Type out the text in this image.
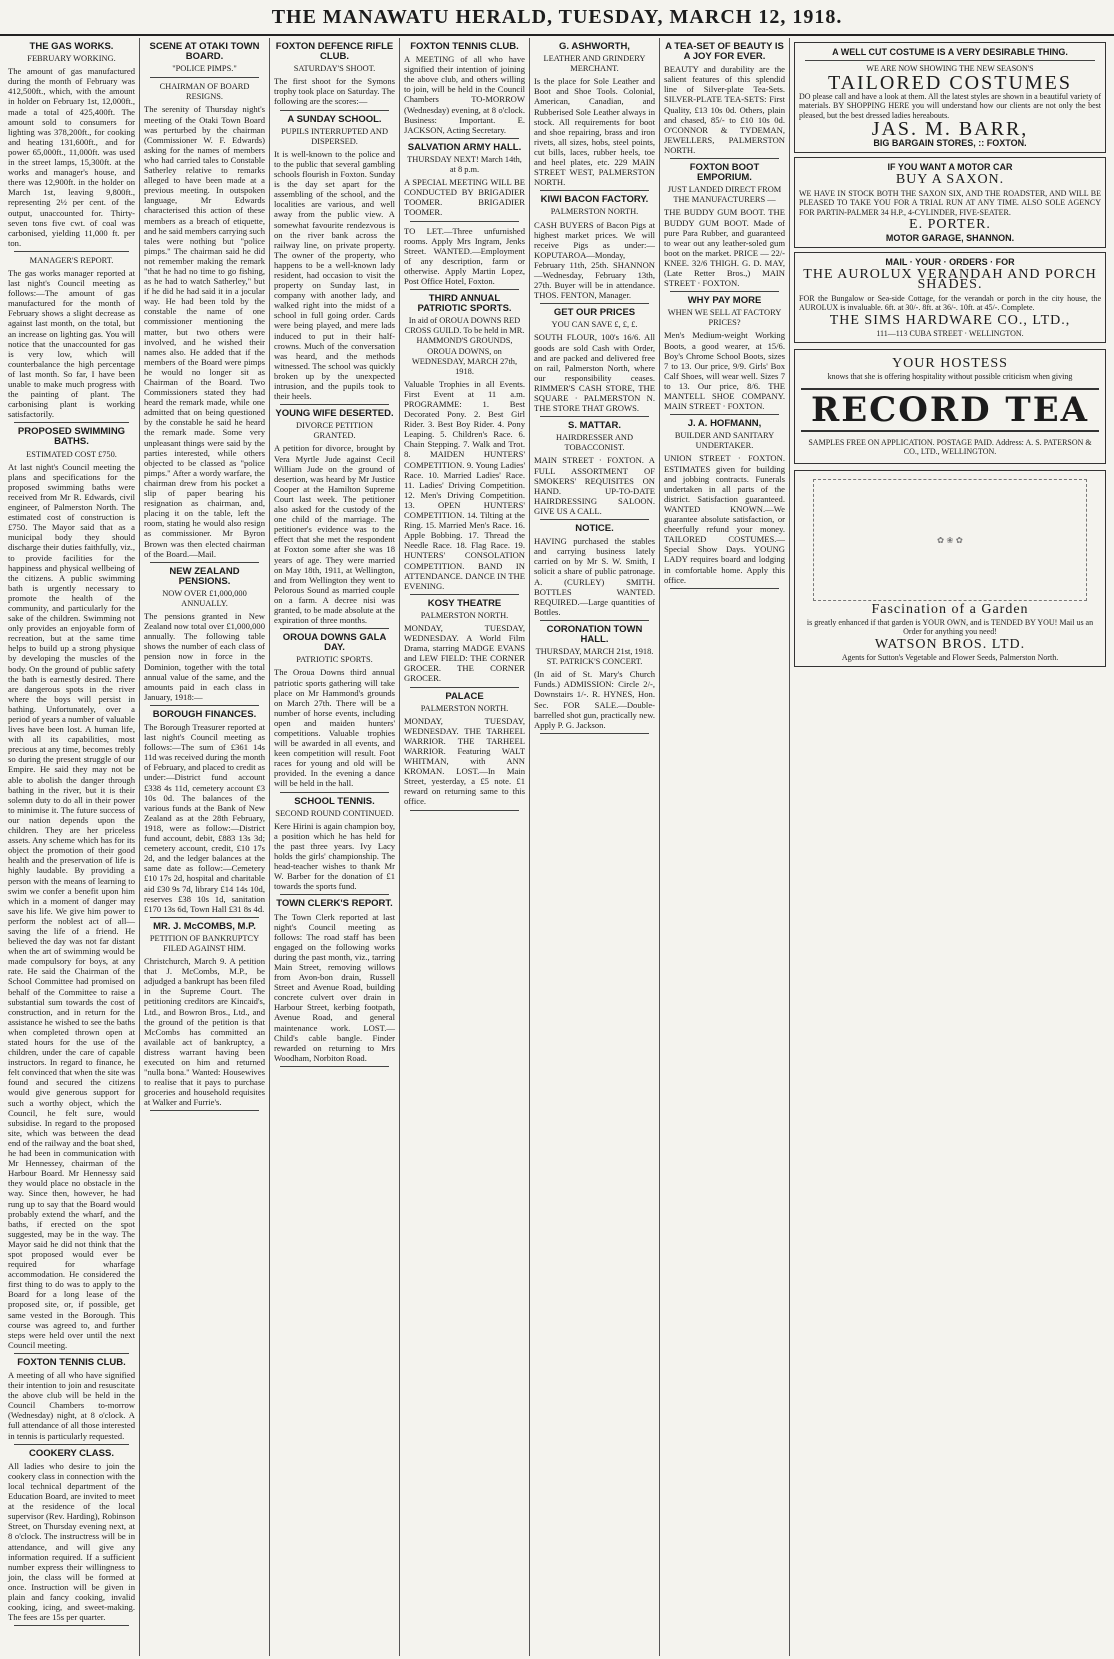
THE MANAWATU HERALD, TUESDAY, MARCH 12, 1918.
THE GAS WORKS.
FEBRUARY WORKING.
The amount of gas manufactured during the month of February was 412,500ft., which, with the amount in holder on February 1st, 12,000ft., made a total of 425,400ft. The amount sold to consumers for lighting was 378,200ft., for cooking and heating 131,600ft., and for power 65,000ft., 11,000ft. was used in the street lamps, 15,300ft. at the works and manager's house, and there was 12,900ft. in the holder on March 1st, leaving 9,800ft., representing 2½ per cent. of the output, unaccounted for. Thirty-seven tons five cwt. of coal was carbonised, yielding 11,000 ft. per ton.
MANAGER'S REPORT.
The gas works manager reported at last night's Council meeting as follows:—The amount of gas manufactured for the month of February shows a slight decrease as against last month, on the total, but an increase on lighting gas. You will notice that the unaccounted for gas is very low, which will counterbalance the high percentage of last month. So far, I have been unable to make much progress with the painting of plant. The carbonising plant is working satisfactorily.
PROPOSED SWIMMING BATHS.
ESTIMATED COST £750.
At last night's Council meeting the plans and specifications for the proposed swimming baths were received from Mr R. Edwards, civil engineer, of Palmerston North. The estimated cost of construction is £750. The Mayor said that as a municipal body they should discharge their duties faithfully, viz., to provide facilities for the happiness and physical wellbeing of the citizens. A public swimming bath is urgently necessary to promote the health of the community, and particularly for the sake of the children. Swimming not only provides an enjoyable form of recreation, but at the same time helps to build up a strong physique by developing the muscles of the body. On the ground of public safety the bath is earnestly desired. There are dangerous spots in the river where the boys will persist in bathing. Unfortunately, over a period of years a number of valuable lives have been lost. A human life, with all its capabilities, most precious at any time, becomes trebly so during the present struggle of our Empire. He said they may not be able to abolish the danger through bathing in the river, but it is their solemn duty to do all in their power to minimise it. The future success of our nation depends upon the children. They are her priceless assets. Any scheme which has for its object the promotion of their good health and the preservation of life is highly laudable. By providing a person with the means of learning to swim we confer a benefit upon him which in a moment of danger may save his life. We give him power to perform the noblest act of all—saving the life of a friend. He believed the day was not far distant when the art of swimming would be made compulsory for boys, at any rate. He said the Chairman of the School Committee had promised on behalf of the Committee to raise a substantial sum towards the cost of construction, and in return for the assistance he wished to see the baths when completed thrown open at stated hours for the use of the children, under the care of capable instructors. In regard to finance, he felt convinced that when the site was found and secured the citizens would give generous support for such a worthy object, which the Council, he felt sure, would subsidise. In regard to the proposed site, which was between the dead end of the railway and the boat shed, he had been in communication with Mr Hennessey, chairman of the Harbour Board. Mr Hennessy said they would place no obstacle in the way. Since then, however, he had rung up to say that the Board would probably extend the wharf, and the baths, if erected on the spot suggested, may be in the way. The Mayor said he did not think that the spot proposed would ever be required for wharfage accommodation. He considered the first thing to do was to apply to the Board for a long lease of the proposed site, or, if possible, get same vested in the Borough. This course was agreed to, and further steps were held over until the next Council meeting.
FOXTON TENNIS CLUB.
A meeting of all who have signified their intention to join and resuscitate the above club will be held in the Council Chambers to-morrow (Wednesday) night, at 8 o'clock. A full attendance of all those interested in tennis is particularly requested.
COOKERY CLASS.
All ladies who desire to join the cookery class in connection with the local technical department of the Education Board, are invited to meet at the residence of the local supervisor (Rev. Harding), Robinson Street, on Thursday evening next, at 8 o'clock. The instructress will be in attendance, and will give any information required. If a sufficient number express their willingness to join, the class will be formed at once. Instruction will be given in plain and fancy cooking, invalid cooking, icing, and sweet-making. The fees are 15s per quarter.
SCENE AT OTAKI TOWN BOARD.
"POLICE PIMPS."
CHAIRMAN OF BOARD RESIGNS.
The serenity of Thursday night's meeting of the Otaki Town Board was perturbed by the chairman (Commissioner W. F. Edwards) asking for the names of members who had carried tales to Constable Satherley relative to remarks alleged to have been made at a previous meeting. In outspoken language, Mr Edwards characterised this action of these members as a breach of etiquette, and he said members carrying such tales were nothing but "police pimps." The chairman said he did not remember making the remark "that he had no time to go fishing, as he had to watch Satherley," but if he did he had said it in a jocular way. He had been told by the constable the name of one commissioner mentioning the matter, but two others were involved, and he wished their names also. He added that if the members of the Board were pimps he would no longer sit as Chairman of the Board. Two Commissioners stated they had heard the remark made, while one admitted that on being questioned by the constable he said he heard the remark made. Some very unpleasant things were said by the parties interested, while others objected to be classed as "police pimps." After a wordy warfare, the chairman drew from his pocket a slip of paper bearing his resignation as chairman, and, placing it on the table, left the room, stating he would also resign as commissioner. Mr Byron Brown was then elected chairman of the Board.—Mail.
NEW ZEALAND PENSIONS.
NOW OVER £1,000,000 ANNUALLY.
The pensions granted in New Zealand now total over £1,000,000 annually. The following table shows the number of each class of pension now in force in the Dominion, together with the total annual value of the same, and the amounts paid in each class in January, 1918:—
BOROUGH FINANCES.
The Borough Treasurer reported at last night's Council meeting as follows:—The sum of £361 14s 11d was received during the month of February, and placed to credit as under:—District fund account £338 4s 11d, cemetery account £3 10s 0d. The balances of the various funds at the Bank of New Zealand as at the 28th February, 1918, were as follow:—District fund account, debit, £883 13s 3d; cemetery account, credit, £10 17s 2d, and the ledger balances at the same date as follow:—Cemetery £10 17s 2d, hospital and charitable aid £30 9s 7d, library £14 14s 10d, reserves £38 10s 1d, sanitation £170 13s 6d, Town Hall £31 8s 4d.
MR. J. McCOMBS, M.P.
PETITION OF BANKRUPTCY FILED AGAINST HIM.
Christchurch, March 9. A petition that J. McCombs, M.P., be adjudged a bankrupt has been filed in the Supreme Court. The petitioning creditors are Kincaid's, Ltd., and Bowron Bros., Ltd., and the ground of the petition is that McCombs has committed an available act of bankruptcy, a distress warrant having been executed on him and returned "nulla bona." Wanted: Housewives to realise that it pays to purchase groceries and household requisites at Walker and Furrie's.
FOXTON DEFENCE RIFLE CLUB.
SATURDAY'S SHOOT.
The first shoot for the Symons trophy took place on Saturday. The following are the scores:—
A SUNDAY SCHOOL.
PUPILS INTERRUPTED AND DISPERSED.
It is well-known to the police and to the public that several gambling schools flourish in Foxton. Sunday is the day set apart for the assembling of the school, and the localities are various, and well away from the public view. A somewhat favourite rendezvous is on the river bank across the railway line, on private property. The owner of the property, who happens to be a well-known lady resident, had occasion to visit the property on Sunday last, in company with another lady, and walked right into the midst of a school in full going order. Cards were being played, and mere lads induced to put in their half-crowns. Much of the conversation was heard, and the methods witnessed. The school was quickly broken up by the unexpected intrusion, and the pupils took to their heels.
YOUNG WIFE DESERTED.
DIVORCE PETITION GRANTED.
A petition for divorce, brought by Vera Myrtle Jude against Cecil William Jude on the ground of desertion, was heard by Mr Justice Cooper at the Hamilton Supreme Court last week. The petitioner also asked for the custody of the one child of the marriage. The petitioner's evidence was to the effect that she met the respondent at Foxton some after she was 18 years of age. They were married on May 18th, 1911, at Wellington, and from Wellington they went to Pelorous Sound as married couple on a farm. A decree nisi was granted, to be made absolute at the expiration of three months.
OROUA DOWNS GALA DAY.
PATRIOTIC SPORTS.
The Oroua Downs third annual patriotic sports gathering will take place on Mr Hammond's grounds on March 27th. There will be a number of horse events, including open and maiden hunters' competitions. Valuable trophies will be awarded in all events, and keen competition will result. Foot races for young and old will be provided. In the evening a dance will be held in the hall.
SCHOOL TENNIS.
SECOND ROUND CONTINUED.
Kere Hirini is again champion boy, a position which he has held for the past three years. Ivy Lacy holds the girls' championship. The head-teacher wishes to thank Mr W. Barber for the donation of £1 towards the sports fund.
TOWN CLERK'S REPORT.
The Town Clerk reported at last night's Council meeting as follows: The road staff has been engaged on the following works during the past month, viz., tarring Main Street, removing willows from Avon-bon drain, Russell Street and Avenue Road, building concrete culvert over drain in Harbour Street, kerbing footpath, Avenue Road, and general maintenance work. LOST.—Child's cable bangle. Finder rewarded on returning to Mrs Woodham, Norbiton Road.
FOXTON TENNIS CLUB.
A MEETING of all who have signified their intention of joining the above club, and others willing to join, will be held in the Council Chambers TO-MORROW (Wednesday) evening, at 8 o'clock. Business: Important. E. JACKSON, Acting Secretary.
SALVATION ARMY HALL.
THURSDAY NEXT! March 14th, at 8 p.m.
A SPECIAL MEETING WILL BE CONDUCTED BY BRIGADIER TOOMER. BRIGADIER TOOMER.
TO LET.—Three unfurnished rooms. Apply Mrs Ingram, Jenks Street. WANTED.—Employment of any description, farm or otherwise. Apply Martin Lopez, Post Office Hotel, Foxton.
THIRD ANNUAL PATRIOTIC SPORTS.
In aid of OROUA DOWNS RED CROSS GUILD. To be held in MR. HAMMOND'S GROUNDS, OROUA DOWNS, on WEDNESDAY, MARCH 27th, 1918.
Valuable Trophies in all Events. First Event at 11 a.m. PROGRAMME: 1. Best Decorated Pony. 2. Best Girl Rider. 3. Best Boy Rider. 4. Pony Leaping. 5. Children's Race. 6. Chain Stepping. 7. Walk and Trot. 8. MAIDEN HUNTERS' COMPETITION. 9. Young Ladies' Race. 10. Married Ladies' Race. 11. Ladies' Driving Competition. 12. Men's Driving Competition. 13. OPEN HUNTERS' COMPETITION. 14. Tilting at the Ring. 15. Married Men's Race. 16. Apple Bobbing. 17. Thread the Needle Race. 18. Flag Race. 19. HUNTERS' CONSOLATION COMPETITION. BAND IN ATTENDANCE. DANCE IN THE EVENING.
KOSY THEATRE
PALMERSTON NORTH.
MONDAY, TUESDAY, WEDNESDAY. A World Film Drama, starring MADGE EVANS and LEW FIELD: THE CORNER GROCER. THE CORNER GROCER.
PALACE
PALMERSTON NORTH.
MONDAY, TUESDAY, WEDNESDAY. THE TARHEEL WARRIOR. THE TARHEEL WARRIOR. Featuring WALT WHITMAN, with ANN KROMAN. LOST.—In Main Street, yesterday, a £5 note. £1 reward on returning same to this office.
G. ASHWORTH,
LEATHER AND GRINDERY MERCHANT.
Is the place for Sole Leather and Boot and Shoe Tools. Colonial, American, Canadian, and Rubberised Sole Leather always in stock. All requirements for boot and shoe repairing, brass and iron rivets, all sizes, hobs, steel points, cut bills, laces, rubber heels, toe and heel plates, etc. 229 MAIN STREET WEST, PALMERSTON NORTH.
KIWI BACON FACTORY.
PALMERSTON NORTH.
CASH BUYERS of Bacon Pigs at highest market prices. We will receive Pigs as under:—KOPUTAROA—Monday, February 11th, 25th. SHANNON—Wednesday, February 13th, 27th. Buyer will be in attendance. THOS. FENTON, Manager.
GET OUR PRICES
YOU CAN SAVE £, £, £.
SOUTH FLOUR, 100's 16/6. All goods are sold Cash with Order, and are packed and delivered free on rail, Palmerston North, where our responsibility ceases. RIMMER'S CASH STORE, THE SQUARE · PALMERSTON N. THE STORE THAT GROWS.
S. MATTAR.
HAIRDRESSER AND TOBACCONIST.
MAIN STREET · FOXTON. A FULL ASSORTMENT OF SMOKERS' REQUISITES ON HAND. UP-TO-DATE HAIRDRESSING SALOON. GIVE US A CALL.
NOTICE.
HAVING purchased the stables and carrying business lately carried on by Mr S. W. Smith, I solicit a share of public patronage. A. (CURLEY) SMITH. BOTTLES WANTED. REQUIRED.—Large quantities of Bottles.
CORONATION TOWN HALL.
THURSDAY, MARCH 21st, 1918. ST. PATRICK'S CONCERT.
(In aid of St. Mary's Church Funds.) ADMISSION: Circle 2/-, Downstairs 1/-. R. HYNES, Hon. Sec. FOR SALE.—Double-barrelled shot gun, practically new. Apply P. G. Jackson.
A TEA-SET OF BEAUTY IS A JOY FOR EVER.
BEAUTY and durability are the salient features of this splendid line of Silver-plate Tea-Sets. SILVER-PLATE TEA-SETS: First Quality, £13 10s 0d. Others, plain and chased, 85/- to £10 10s 0d. O'CONNOR & TYDEMAN, JEWELLERS, PALMERSTON NORTH.
FOXTON BOOT EMPORIUM.
JUST LANDED DIRECT FROM THE MANUFACTURERS —
THE BUDDY GUM BOOT. THE BUDDY GUM BOOT. Made of pure Para Rubber, and guaranteed to wear out any leather-soled gum boot on the market. PRICE — 22/- KNEE. 32/6 THIGH. G. D. MAY, (Late Retter Bros.,) MAIN STREET · FOXTON.
WHY PAY MORE
WHEN WE SELL AT FACTORY PRICES?
Men's Medium-weight Working Boots, a good wearer, at 15/6. Boy's Chrome School Boots, sizes 7 to 13. Our price, 9/9. Girls' Box Calf Shoes, will wear well. Sizes 7 to 13. Our price, 8/6. THE MANTELL SHOE COMPANY. MAIN STREET · FOXTON.
J. A. HOFMANN,
BUILDER AND SANITARY UNDERTAKER.
UNION STREET · FOXTON. ESTIMATES given for building and jobbing contracts. Funerals undertaken in all parts of the district. Satisfaction guaranteed. WANTED KNOWN.—We guarantee absolute satisfaction, or cheerfully refund your money. TAILORED COSTUMES.—Special Show Days. YOUNG LADY requires board and lodging in comfortable home. Apply this office.
A WELL CUT COSTUME IS A VERY DESIRABLE THING.
WE ARE NOW SHOWING THE NEW SEASON'S
TAILORED COSTUMES
DO please call and have a look at them. All the latest styles are shown in a beautiful variety of materials. BY SHOPPING HERE you will understand how our clients are not only the best pleased, but the best dressed ladies hereabouts.
JAS. M. BARR,
BIG BARGAIN STORES, :: FOXTON.
IF YOU WANT A MOTOR CAR
BUY A SAXON.
WE HAVE IN STOCK BOTH THE SAXON SIX, AND THE ROADSTER, AND WILL BE PLEASED TO TAKE YOU FOR A TRIAL RUN AT ANY TIME. ALSO SOLE AGENCY FOR PARTIN-PALMER 34 H.P., 4-CYLINDER, FIVE-SEATER.
E. PORTER.
MOTOR GARAGE, SHANNON.
MAIL · YOUR · ORDERS · FOR
THE AUROLUX VERANDAH AND PORCH SHADES.
FOR the Bungalow or Sea-side Cottage, for the verandah or porch in the city house, the AUROLUX is invaluable. 6ft. at 30/-. 8ft. at 36/-. 10ft. at 45/-. Complete.
THE SIMS HARDWARE CO., LTD.,
111—113 CUBA STREET · WELLINGTON.
YOUR HOSTESS
knows that she is offering hospitality without possible criticism when giving
RECORD TEA
SAMPLES FREE ON APPLICATION. POSTAGE PAID. Address: A. S. PATERSON & CO., LTD., WELLINGTON.
✿ ❀ ✿
Fascination of a Garden
is greatly enhanced if that garden is YOUR OWN, and is TENDED BY YOU! Mail us an Order for anything you need!
WATSON BROS. LTD.
Agents for Sutton's Vegetable and Flower Seeds, Palmerston North.
